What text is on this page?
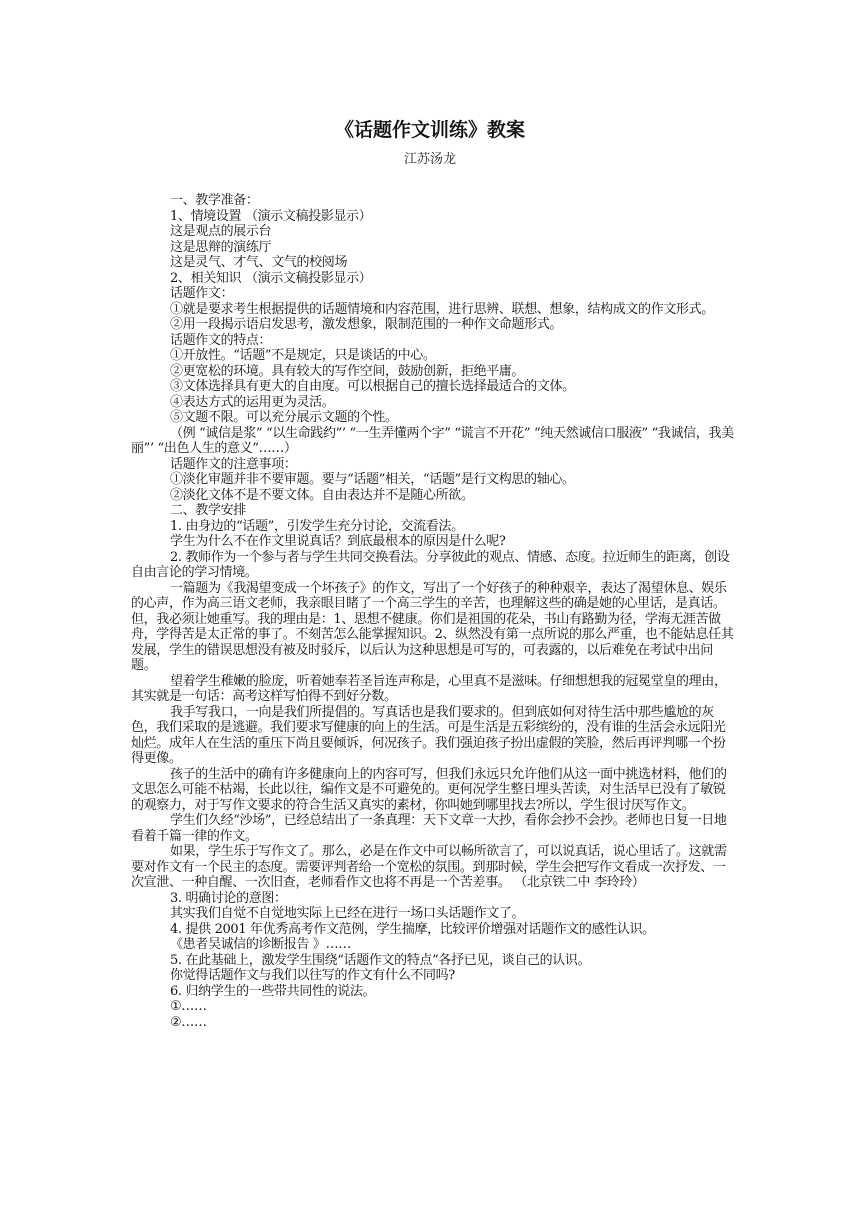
《话题作文训练》教案
江苏汤龙

一、教学准备：

1、情境设置 （演示文稿投影显示）

这是观点的展示台

这是思辩的演练厅

这是灵气、才气、文气的校阅场

2、相关知识 （演示文稿投影显示）

话题作文：

①就是要求考生根据提供的话题情境和内容范围，进行思辨、联想、想象，结构成文的作文形式。

②用一段揭示语启发思考，激发想象，限制范围的一种作文命题形式。

话题作文的特点：

①开放性。“话题”不是规定，只是谈话的中心。

②更宽松的环境。具有较大的写作空间，鼓励创新，拒绝平庸。

③文体选择具有更大的自由度。可以根据自己的擅长选择最适合的文体。

④表达方式的运用更为灵活。

⑤文题不限。可以充分展示文题的个性。

（例 “诚信是浆” “以生命践约”’ “一生弄懂两个字” “谎言不开花” “纯天然诚信口服液” “我诚信，我美丽”’ “出色人生的意义”……）

话题作文的注意事项：

①淡化审题并非不要审题。要与“话题”相关，“话题”是行文构思的轴心。

②淡化文体不是不要文体。自由表达并不是随心所欲。

二、教学安排

1. 由身边的“话题”，引发学生充分讨论，交流看法。

学生为什么不在作文里说真话？到底最根本的原因是什么呢?

2. 教师作为一个参与者与学生共同交换看法。分享彼此的观点、情感、态度。拉近师生的距离，创设自由言论的学习情境。

一篇题为《我渴望变成一个坏孩子》的作文，写出了一个好孩子的种种艰辛，表达了渴望休息、娱乐的心声，作为高三语文老师，我亲眼目睹了一个高三学生的辛苦，也理解这些的确是她的心里话，是真话。但，我必须让她重写。我的理由是：1、思想不健康。你们是祖国的花朵，书山有路勤为径，学海无涯苦做舟，学得苦是太正常的事了。不刻苦怎么能掌握知识。2、纵然没有第一点所说的那么严重，也不能姑息任其发展，学生的错误思想没有被及时驳斥，以后认为这种思想是可写的，可表露的，以后难免在考试中出问题。

望着学生稚嫩的脸庞，听着她奉若圣旨连声称是，心里真不是滋味。仔细想想我的冠冕堂皇的理由，其实就是一句话：高考这样写怕得不到好分数。

我手写我口，一向是我们所提倡的。写真话也是我们要求的。但到底如何对待生活中那些尴尬的灰色，我们采取的是逃避。我们要求写健康的向上的生活。可是生活是五彩缤纷的，没有谁的生活会永远阳光灿烂。成年人在生活的重压下尚且要倾诉，何况孩子。我们强迫孩子扮出虚假的笑脸，然后再评判哪一个扮得更像。

孩子的生活中的确有许多健康向上的内容可写，但我们永远只允许他们从这一面中挑选材料，他们的文思怎么可能不枯竭，长此以往，编作文是不可避免的。更何况学生整日埋头苦读，对生活早已没有了敏锐的观察力，对于写作文要求的符合生活又真实的素材，你叫她到哪里找去?所以，学生很讨厌写作文。

学生们久经“沙场”，已经总结出了一条真理：天下文章一大抄，看你会抄不会抄。老师也日复一日地看着千篇一律的作文。

如果，学生乐于写作文了。那么，必是在作文中可以畅所欲言了，可以说真话，说心里话了。这就需要对作文有一个民主的态度。需要评判者给一个宽松的氛围。到那时候，学生会把写作文看成一次抒发、一次宣泄、一种自醒、一次旧查，老师看作文也将不再是一个苦差事。 （北京铁二中 李玲玲）

3. 明确讨论的意图：

其实我们自觉不自觉地实际上已经在进行一场口头话题作文了。

4. 提供 2001 年优秀高考作文范例，学生揣摩，比较评价增强对话题作文的感性认识。

《患者吴诚信的诊断报告 》……

5. 在此基础上，激发学生围绕“话题作文的特点”各抒已见，谈自己的认识。

你觉得话题作文与我们以往写的作文有什么不同吗?

6. 归纳学生的一些带共同性的说法。

①……

②……
